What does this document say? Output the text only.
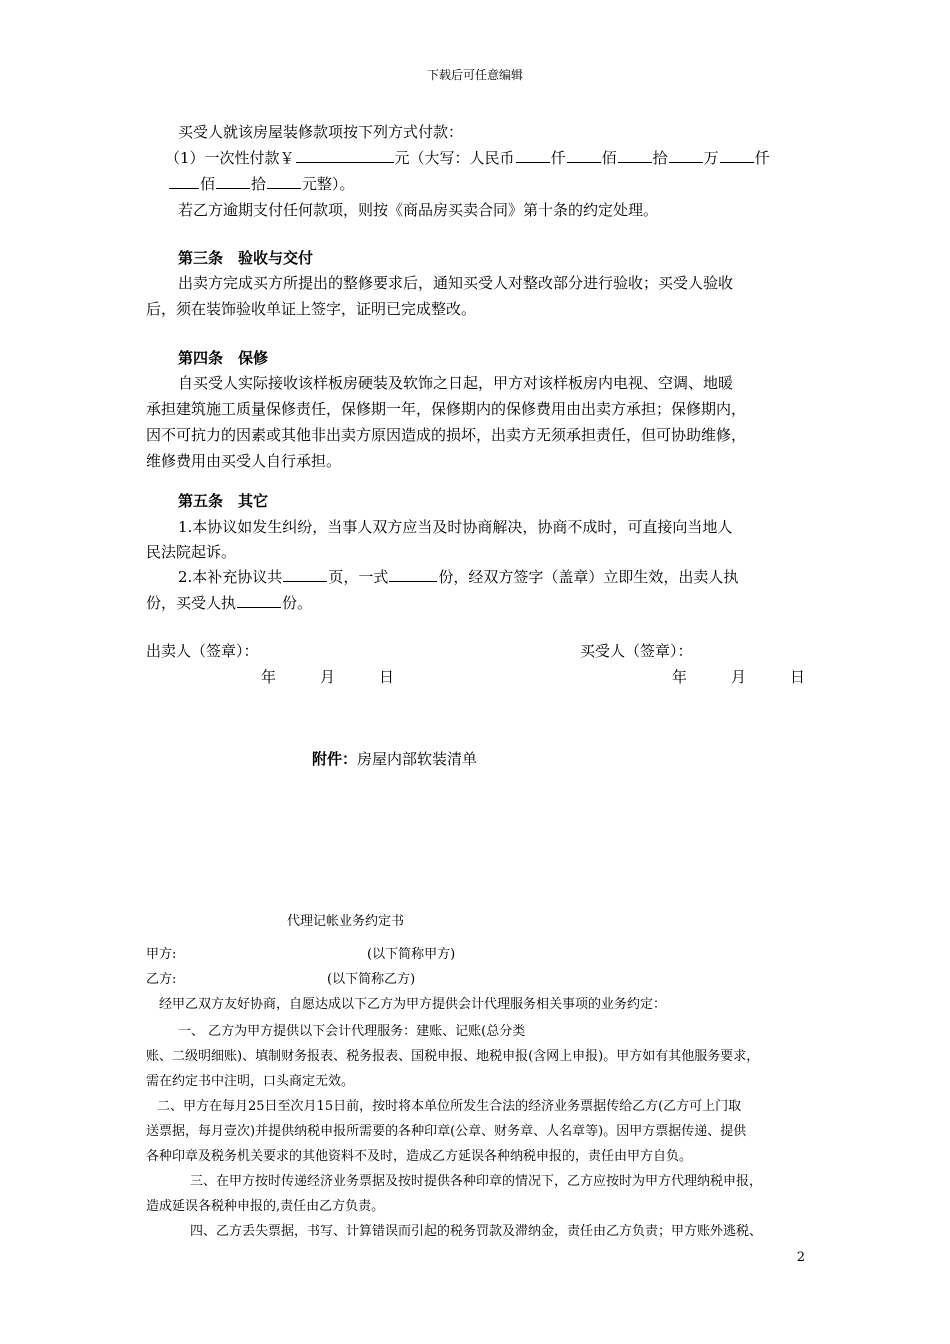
下载后可任意编辑
买受人就该房屋装修款项按下列方式付款：
（1）一次性付款￥	元（大写：人民币 仟 佰 拾 万 仟
佰 拾 元整）。
若乙方逾期支付任何款项，则按《商品房买卖合同》第十条的约定处理。
第三条　验收与交付
出卖方完成买方所提出的整修要求后，通知买受人对整改部分进行验收；买受人验收
后，须在装饰验收单证上签字，证明已完成整改。
第四条　保修
自买受人实际接收该样板房硬装及软饰之日起，甲方对该样板房内电视、空调、地暖
承担建筑施工质量保修责任，保修期一年，保修期内的保修费用由出卖方承担；保修期内，
因不可抗力的因素或其他非出卖方原因造成的损坏，出卖方无须承担责任，但可协助维修，
维修费用由买受人自行承担。
第五条　其它
1.本协议如发生纠纷，当事人双方应当及时协商解决，协商不成时，可直接向当地人
民法院起诉。
2.本补充协议共	页，一式	份，经双方签字（盖章）立即生效，出卖人执
份，买受人执	份。
出卖人（签章）：	买受人（签章）：
年	月	日	年	月	日
附件：房屋内部软装清单
代理记帐业务约定书
甲方:	(以下简称甲方)
乙方:	(以下简称乙方)
经甲乙双方友好协商，自愿达成以下乙方为甲方提供会计代理服务相关事项的业务约定：
一、 乙方为甲方提供以下会计代理服务：建账、记账(总分类
账、二级明细账)、填制财务报表、税务报表、国税申报、地税申报(含网上申报)。甲方如有其他服务要求，
需在约定书中注明，口头商定无效。
二、甲方在每月25日至次月15日前，按时将本单位所发生合法的经济业务票据传给乙方(乙方可上门取
送票据，每月壹次)并提供纳税申报所需要的各种印章(公章、财务章、人名章等)。因甲方票据传递、提供
各种印章及税务机关要求的其他资料不及时，造成乙方延误各种纳税申报的，责任由甲方自负。
三、在甲方按时传递经济业务票据及按时提供各种印章的情况下，乙方应按时为甲方代理纳税申报，
造成延误各税种申报的,责任由乙方负责。
四、乙方丢失票据，书写、计算错误而引起的税务罚款及滞纳金，责任由乙方负责；甲方账外逃税、
2
